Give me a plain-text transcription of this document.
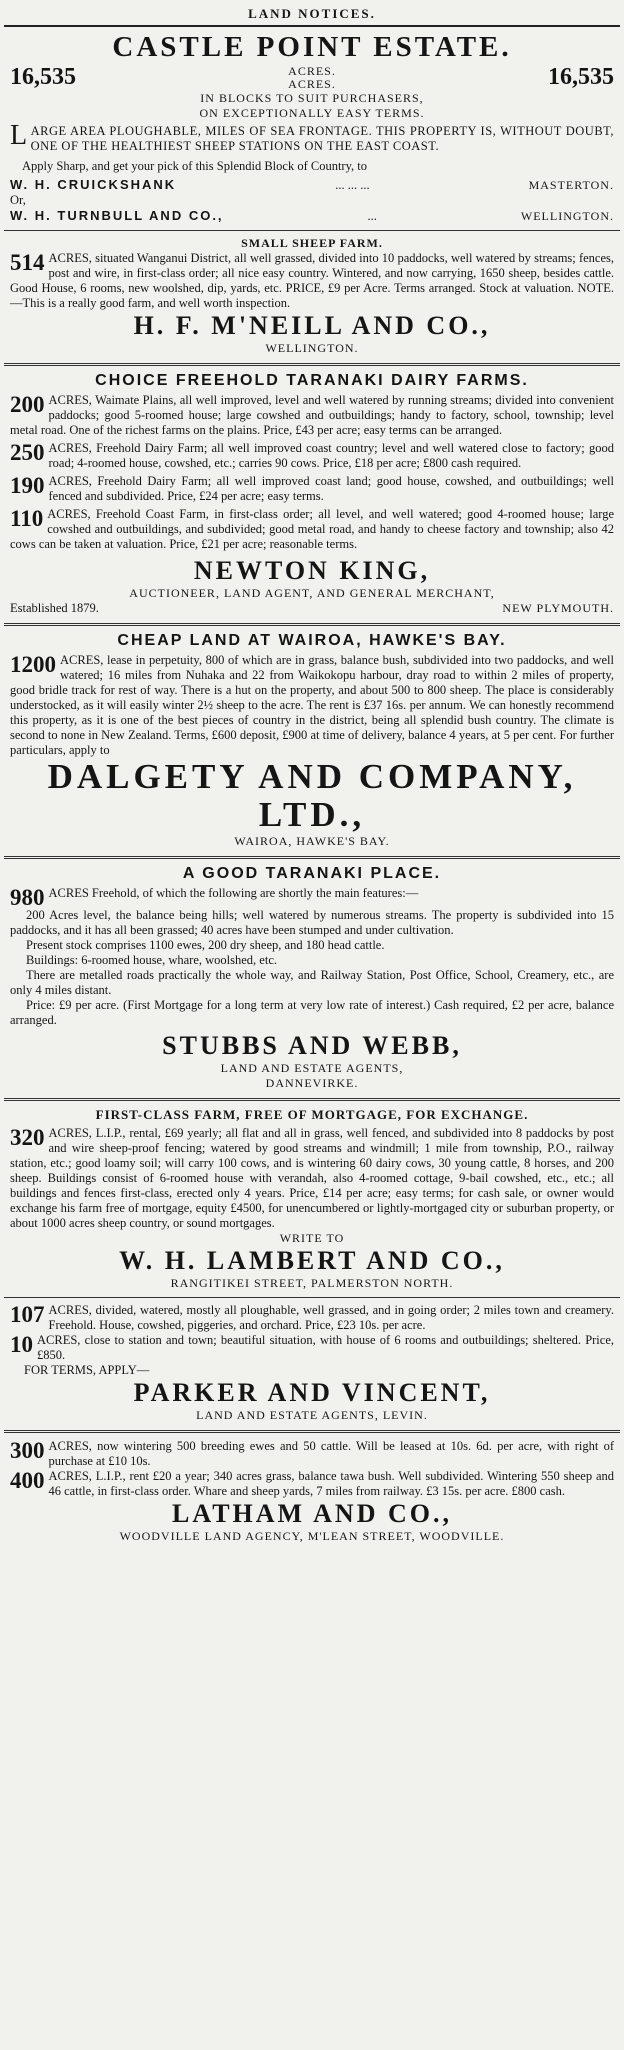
LAND NOTICES.
CASTLE POINT ESTATE.
16,535	ACRES.
ACRES.	16,535
IN BLOCKS TO SUIT PURCHASERS,
ON EXCEPTIONALLY EASY TERMS.
L ARGE AREA PLOUGHABLE, MILES OF SEA FRONTAGE. THIS PROPERTY IS, WITHOUT DOUBT, ONE OF THE HEALTHIEST SHEEP STATIONS ON THE EAST COAST.
Apply Sharp, and get your pick of this Splendid Block of Country, to
W. H. CRUICKSHANK	... ... ...	MASTERTON.
Or,
W. H. TURNBULL AND CO.,	...	WELLINGTON.
SMALL SHEEP FARM.
514 ACRES, situated Wanganui District, all well grassed, divided into 10 paddocks, well watered by streams; fences, post and wire, in first-class order; all nice easy country. Wintered, and now carrying, 1650 sheep, besides cattle. Good House, 6 rooms, new woolshed, dip, yards, etc. PRICE, £9 per Acre. Terms arranged. Stock at valuation. NOTE.—This is a really good farm, and well worth inspection.
H. F. M'NEILL AND CO.,
WELLINGTON.
CHOICE FREEHOLD TARANAKI DAIRY FARMS.
200 ACRES, Waimate Plains, all well improved, level and well watered by running streams; divided into convenient paddocks; good 5-roomed house; large cowshed and outbuildings; handy to factory, school, township; level metal road. One of the richest farms on the plains. Price, £43 per acre; easy terms can be arranged.
250 ACRES, Freehold Dairy Farm; all well improved coast country; level and well watered close to factory; good road; 4-roomed house, cowshed, etc.; carries 90 cows. Price, £18 per acre; £800 cash required.
190 ACRES, Freehold Dairy Farm; all well improved coast land; good house, cowshed, and outbuildings; well fenced and subdivided. Price, £24 per acre; easy terms.
110 ACRES, Freehold Coast Farm, in first-class order; all level, and well watered; good 4-roomed house; large cowshed and outbuildings, and subdivided; good metal road, and handy to cheese factory and township; also 42 cows can be taken at valuation. Price, £21 per acre; reasonable terms.
NEWTON KING,
AUCTIONEER, LAND AGENT, AND GENERAL MERCHANT,
Established 1879.	NEW PLYMOUTH.
CHEAP LAND AT WAIROA, HAWKE'S BAY.
1200 ACRES, lease in perpetuity, 800 of which are in grass, balance bush, subdivided into two paddocks, and well watered; 16 miles from Nuhaka and 22 from Waikokopu harbour, dray road to within 2 miles of property, good bridle track for rest of way. There is a hut on the property, and about 500 to 800 sheep. The place is considerably understocked, as it will easily winter 2½ sheep to the acre. The rent is £37 16s. per annum. We can honestly recommend this property, as it is one of the best pieces of country in the district, being all splendid bush country. The climate is second to none in New Zealand. Terms, £600 deposit, £900 at time of delivery, balance 4 years, at 5 per cent. For further particulars, apply to
DALGETY AND COMPANY, LTD.,
WAIROA, HAWKE'S BAY.
A GOOD TARANAKI PLACE.
980 ACRES Freehold, of which the following are shortly the main features:—
200 Acres level, the balance being hills; well watered by numerous streams. The property is subdivided into 15 paddocks, and it has all been grassed; 40 acres have been stumped and under cultivation.
Present stock comprises 1100 ewes, 200 dry sheep, and 180 head cattle.
Buildings: 6-roomed house, whare, woolshed, etc.
There are metalled roads practically the whole way, and Railway Station, Post Office, School, Creamery, etc., are only 4 miles distant.
Price: £9 per acre. (First Mortgage for a long term at very low rate of interest.) Cash required, £2 per acre, balance arranged.
STUBBS AND WEBB,
LAND AND ESTATE AGENTS,
DANNEVIRKE.
FIRST-CLASS FARM, FREE OF MORTGAGE, FOR EXCHANGE.
320 ACRES, L.I.P., rental, £69 yearly; all flat and all in grass, well fenced, and subdivided into 8 paddocks by post and wire sheep-proof fencing; watered by good streams and windmill; 1 mile from township, P.O., railway station, etc.; good loamy soil; will carry 100 cows, and is wintering 60 dairy cows, 30 young cattle, 8 horses, and 200 sheep. Buildings consist of 6-roomed house with verandah, also 4-roomed cottage, 9-bail cowshed, etc., etc.; all buildings and fences first-class, erected only 4 years. Price, £14 per acre; easy terms; for cash sale, or owner would exchange his farm free of mortgage, equity £4500, for unencumbered or lightly-mortgaged city or suburban property, or about 1000 acres sheep country, or sound mortgages.
WRITE TO
W. H. LAMBERT AND CO.,
RANGITIKEI STREET, PALMERSTON NORTH.
107 ACRES, divided, watered, mostly all ploughable, well grassed, and in going order; 2 miles town and creamery. Freehold. House, cowshed, piggeries, and orchard. Price, £23 10s. per acre.
10 ACRES, close to station and town; beautiful situation, with house of 6 rooms and outbuildings; sheltered. Price, £850.
FOR TERMS, APPLY—
PARKER AND VINCENT,
LAND AND ESTATE AGENTS, LEVIN.
300 ACRES, now wintering 500 breeding ewes and 50 cattle. Will be leased at 10s. 6d. per acre, with right of purchase at £10 10s.
400 ACRES, L.I.P., rent £20 a year; 340 acres grass, balance tawa bush. Well subdivided. Wintering 550 sheep and 46 cattle, in first-class order. Whare and sheep yards, 7 miles from railway. £3 15s. per acre. £800 cash.
LATHAM AND CO.,
WOODVILLE LAND AGENCY, M'LEAN STREET, WOODVILLE.
